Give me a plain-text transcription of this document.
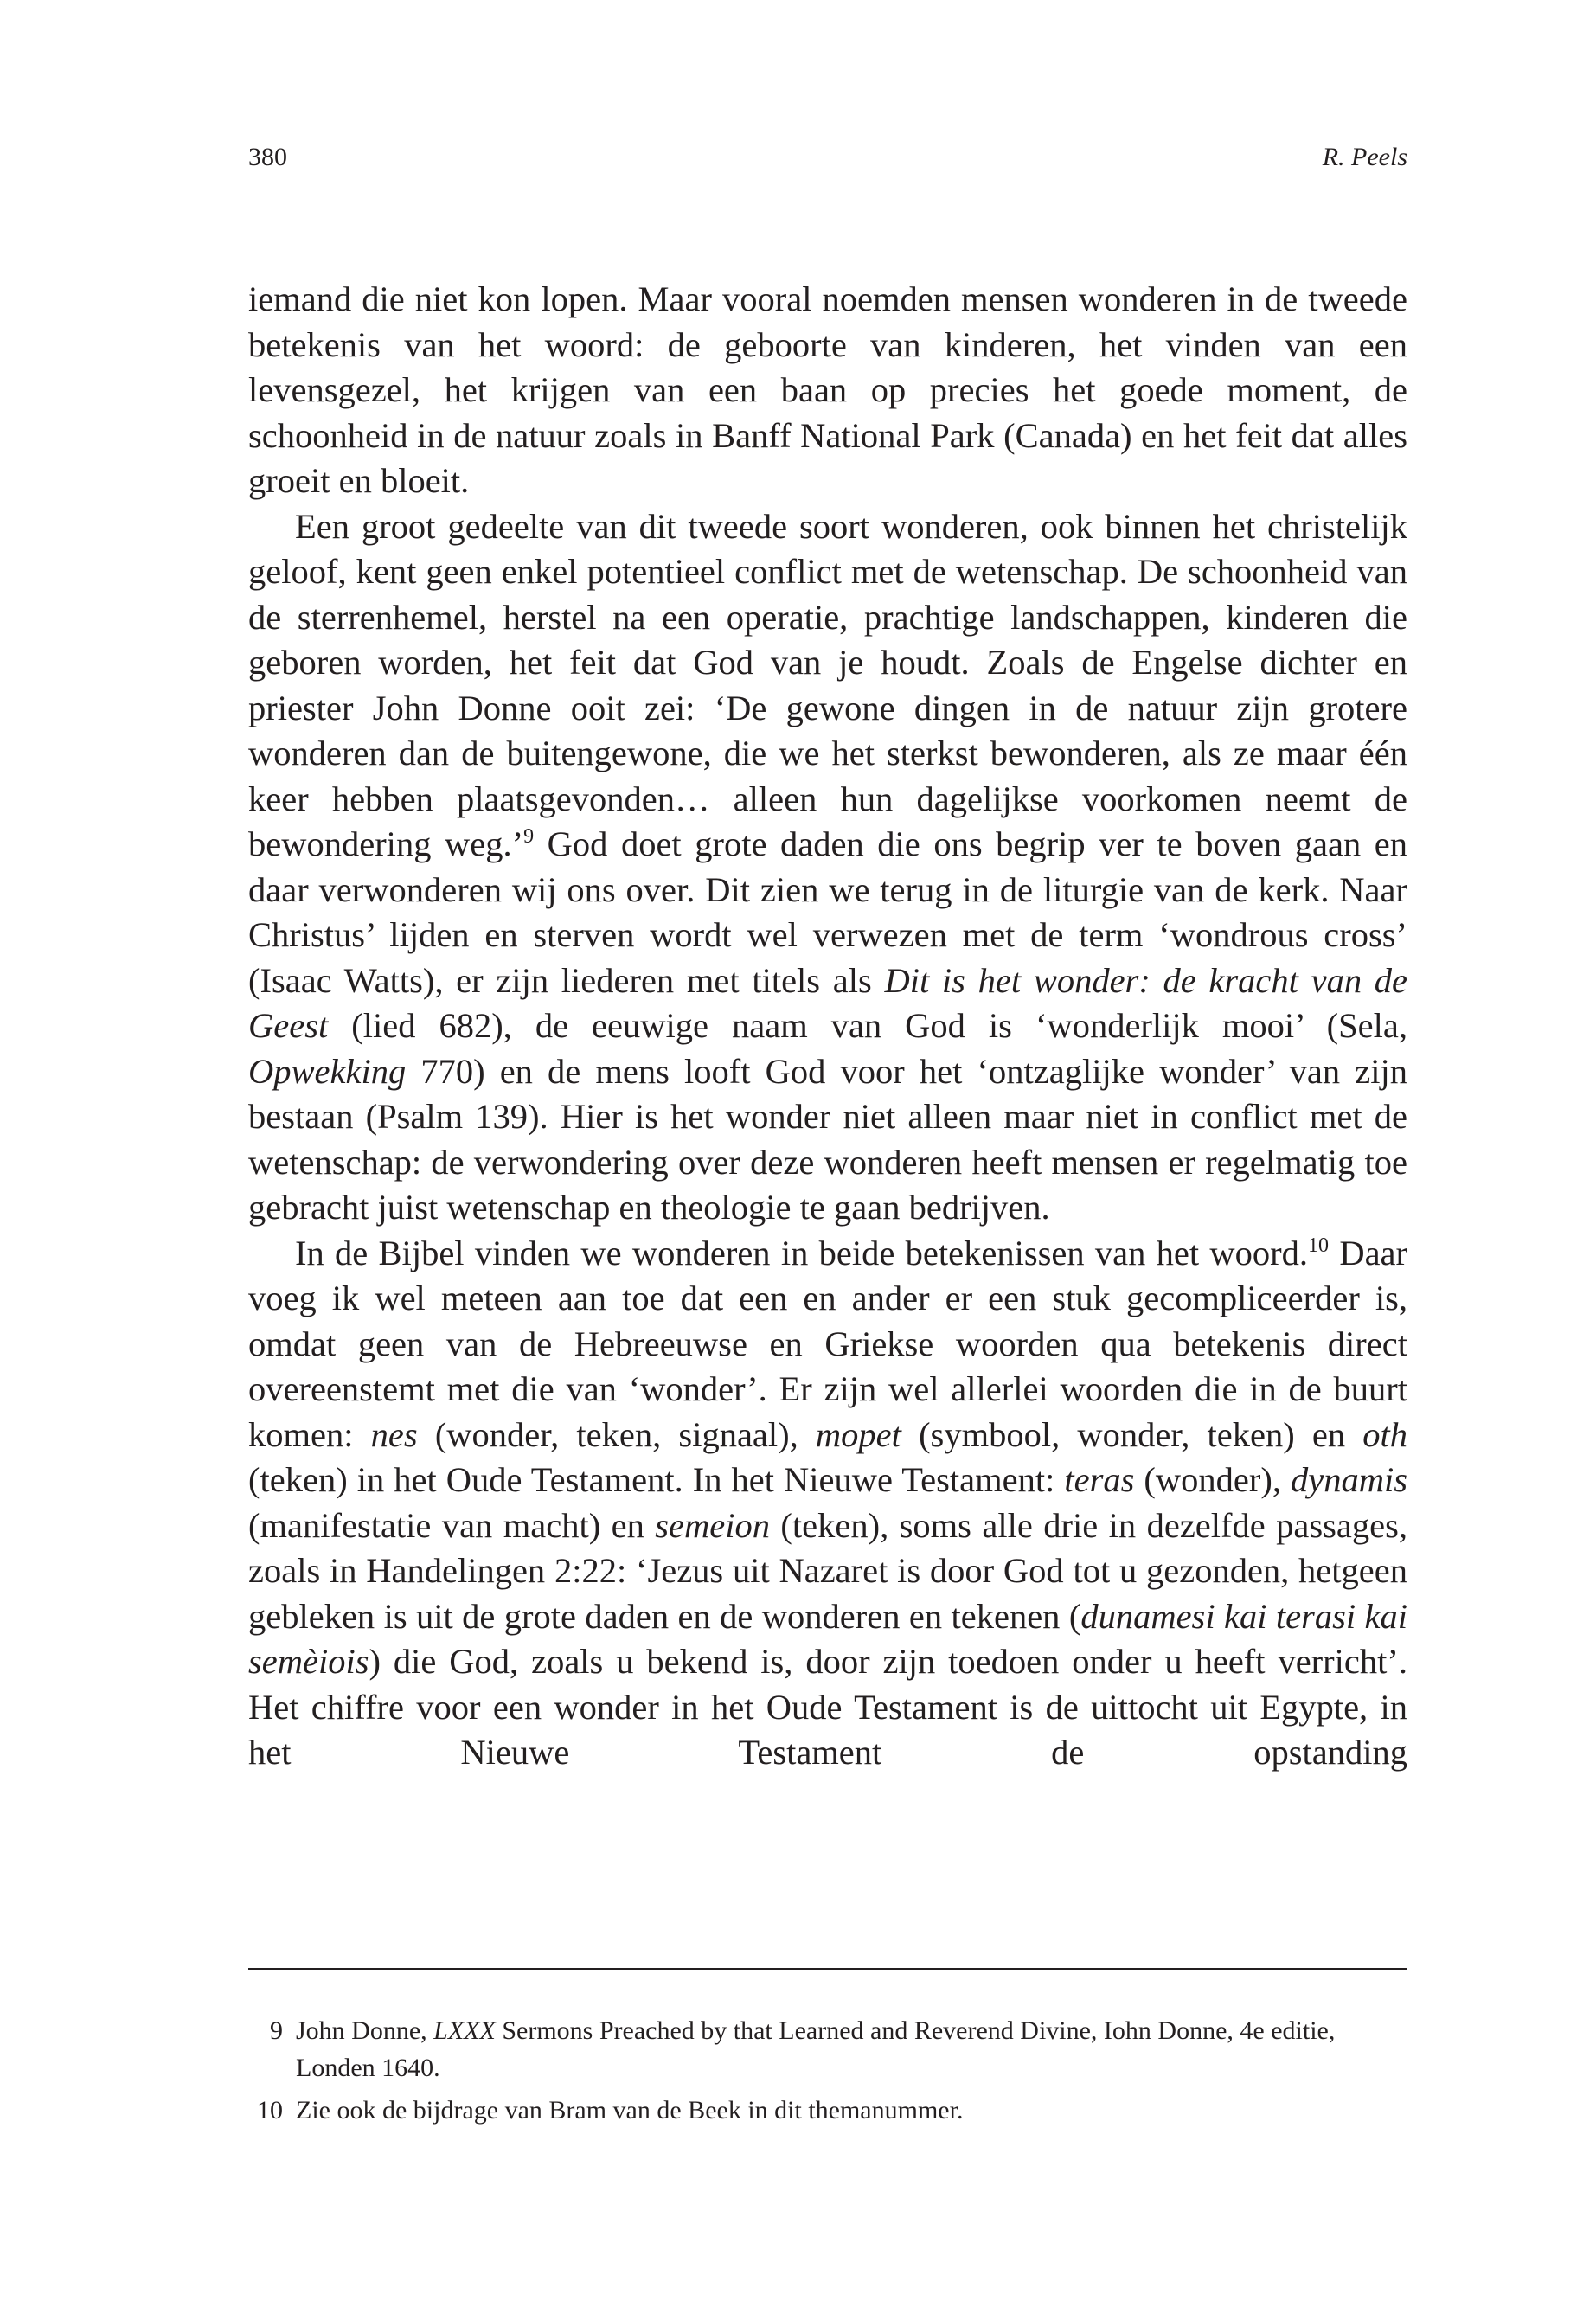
380	R. Peels

iemand die niet kon lopen. Maar vooral noemden mensen wonderen in de tweede betekenis van het woord: de geboorte van kinderen, het vinden van een levensgezel, het krijgen van een baan op precies het goede moment, de schoonheid in de natuur zoals in Banff National Park (Canada) en het feit dat alles groeit en bloeit.

Een groot gedeelte van dit tweede soort wonderen, ook binnen het christelijk geloof, kent geen enkel potentieel conflict met de wetenschap. De schoonheid van de sterrenhemel, herstel na een operatie, prachtige landschappen, kinderen die geboren worden, het feit dat God van je houdt. Zoals de Engelse dichter en priester John Donne ooit zei: ‘De gewone dingen in de natuur zijn grotere wonderen dan de buitengewone, die we het sterkst bewonderen, als ze maar één keer hebben plaatsgevonden… alleen hun dagelijkse voorkomen neemt de bewondering weg.’$^9$ God doet grote daden die ons begrip ver te boven gaan en daar verwonderen wij ons over. Dit zien we terug in de liturgie van de kerk. Naar Christus’ lijden en sterven wordt wel verwezen met de term ‘wondrous cross’ (Isaac Watts), er zijn liederen met titels als Dit is het wonder: de kracht van de Geest (lied 682), de eeuwige naam van God is ‘wonderlijk mooi’ (Sela, Opwekking 770) en de mens looft God voor het ‘ontzaglijke wonder’ van zijn bestaan (Psalm 139). Hier is het wonder niet alleen maar niet in conflict met de wetenschap: de verwondering over deze wonderen heeft mensen er regelmatig toe gebracht juist wetenschap en theologie te gaan bedrijven.

In de Bijbel vinden we wonderen in beide betekenissen van het woord.$^{10}$ Daar voeg ik wel meteen aan toe dat een en ander er een stuk gecompliceerder is, omdat geen van de Hebreeuwse en Griekse woorden qua betekenis direct overeenstemt met die van ‘wonder’. Er zijn wel allerlei woorden die in de buurt komen: nes (wonder, teken, signaal), mopet (symbool, wonder, teken) en oth (teken) in het Oude Testament. In het Nieuwe Testament: teras (wonder), dynamis (manifestatie van macht) en semeion (teken), soms alle drie in dezelfde passages, zoals in Handelingen 2:22: ‘Jezus uit Nazaret is door God tot u gezonden, hetgeen gebleken is uit de grote daden en de wonderen en tekenen (dunamesi kai terasi kai semèiois) die God, zoals u bekend is, door zijn toedoen onder u heeft verricht’. Het chiffre voor een wonder in het Oude Testament is de uittocht uit Egypte, in het Nieuwe Testament de opstanding

9 John Donne, LXXX Sermons Preached by that Learned and Reverend Divine, Iohn Donne, 4e editie, Londen 1640.
10 Zie ook de bijdrage van Bram van de Beek in dit themanummer.
